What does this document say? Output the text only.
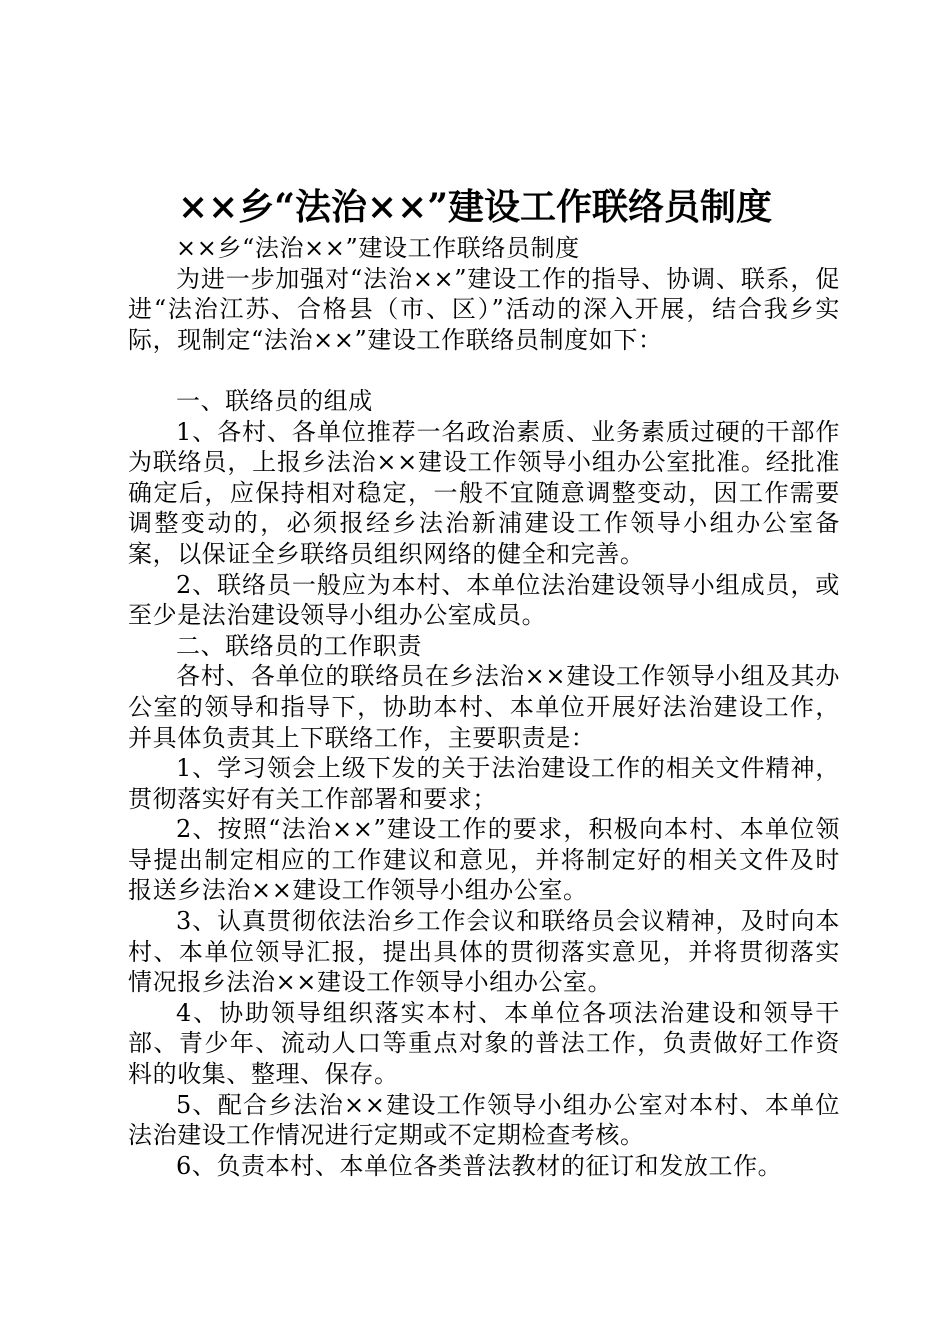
××乡“法治××”建设工作联络员制度

××乡“法治××”建设工作联络员制度

为进一步加强对“法治××”建设工作的指导、协调、联系，促进“法治江苏、合格县（市、区）”活动的深入开展，结合我乡实际，现制定“法治××”建设工作联络员制度如下：

一、联络员的组成

1、各村、各单位推荐一名政治素质、业务素质过硬的干部作为联络员，上报乡法治××建设工作领导小组办公室批准。经批准确定后，应保持相对稳定，一般不宜随意调整变动，因工作需要调整变动的，必须报经乡法治新浦建设工作领导小组办公室备案，以保证全乡联络员组织网络的健全和完善。

2、联络员一般应为本村、本单位法治建设领导小组成员，或至少是法治建设领导小组办公室成员。

二、联络员的工作职责

各村、各单位的联络员在乡法治××建设工作领导小组及其办公室的领导和指导下，协助本村、本单位开展好法治建设工作，并具体负责其上下联络工作，主要职责是：

1、学习领会上级下发的关于法治建设工作的相关文件精神，贯彻落实好有关工作部署和要求；

2、按照“法治××”建设工作的要求，积极向本村、本单位领导提出制定相应的工作建议和意见，并将制定好的相关文件及时报送乡法治××建设工作领导小组办公室。

3、认真贯彻依法治乡工作会议和联络员会议精神，及时向本村、本单位领导汇报，提出具体的贯彻落实意见，并将贯彻落实情况报乡法治××建设工作领导小组办公室。

4、协助领导组织落实本村、本单位各项法治建设和领导干部、青少年、流动人口等重点对象的普法工作，负责做好工作资料的收集、整理、保存。

5、配合乡法治××建设工作领导小组办公室对本村、本单位法治建设工作情况进行定期或不定期检查考核。

6、负责本村、本单位各类普法教材的征订和发放工作。
